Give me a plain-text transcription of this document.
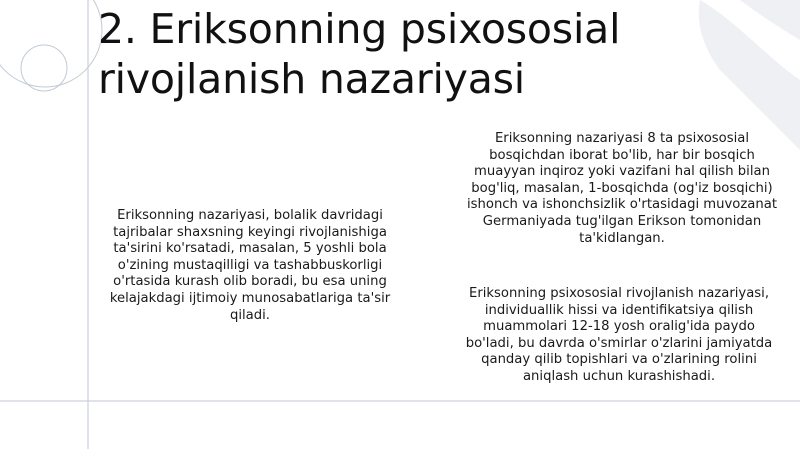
2. Eriksonning psixososial
rivojlanish nazariyasi

Eriksonning nazariyasi, bolalik davridagi
tajribalar shaxsning keyingi rivojlanishiga
ta'sirini ko'rsatadi, masalan, 5 yoshli bola
o'zining mustaqilligi va tashabbuskorligi
o'rtasida kurash olib boradi, bu esa uning
kelajakdagi ijtimoiy munosabatlariga ta'sir
qiladi.

Eriksonning nazariyasi 8 ta psixososial
bosqichdan iborat bo'lib, har bir bosqich
muayyan inqiroz yoki vazifani hal qilish bilan
bog'liq, masalan, 1-bosqichda (og'iz bosqichi)
ishonch va ishonchsizlik o'rtasidagi muvozanat
Germaniyada tug'ilgan Erikson tomonidan
ta'kidlangan.

Eriksonning psixososial rivojlanish nazariyasi,
individuallik hissi va identifikatsiya qilish
muammolari 12-18 yosh oralig'ida paydo
bo'ladi, bu davrda o'smirlar o'zlarini jamiyatda
qanday qilib topishlari va o'zlarining rolini
aniqlash uchun kurashishadi.
